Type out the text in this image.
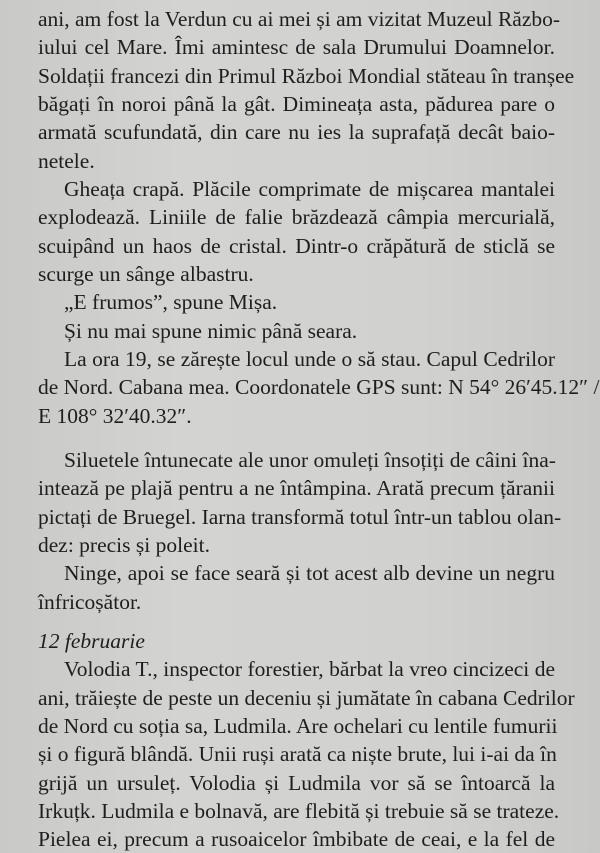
ani, am fost la Verdun cu ai mei și am vizitat Muzeul Războ-
iului cel Mare. Îmi amintesc de sala Drumului Doamnelor.
Soldații francezi din Primul Război Mondial stăteau în tranșee
băgați în noroi până la gât. Dimineața asta, pădurea pare o
armată scufundată, din care nu ies la suprafață decât baio-
netele.
Gheața crapă. Plăcile comprimate de mișcarea mantalei
explodează. Liniile de falie brăzdează câmpia mercurială,
scuipând un haos de cristal. Dintr-o crăpătură de sticlă se
scurge un sânge albastru.
„E frumos”, spune Mișa.
Și nu mai spune nimic până seara.
La ora 19, se zărește locul unde o să stau. Capul Cedrilor
de Nord. Cabana mea. Coordonatele GPS sunt: N 54° 26′45.12″ /
E 108° 32′40.32″.
Siluetele întunecate ale unor omuleți însoțiți de câini îna-
intează pe plajă pentru a ne întâmpina. Arată precum țăranii
pictați de Bruegel. Iarna transformă totul într-un tablou olan-
dez: precis și poleit.
Ninge, apoi se face seară și tot acest alb devine un negru
înfricoșător.
12 februarie
Volodia T., inspector forestier, bărbat la vreo cincizeci de
ani, trăiește de peste un deceniu și jumătate în cabana Cedrilor
de Nord cu soția sa, Ludmila. Are ochelari cu lentile fumurii
și o figură blândă. Unii ruși arată ca niște brute, lui i-ai da în
grijă un ursuleț. Volodia și Ludmila vor să se întoarcă la
Irkuțk. Ludmila e bolnavă, are flebită și trebuie să se trateze.
Pielea ei, precum a rusoaicelor îmbibate de ceai, e la fel de
